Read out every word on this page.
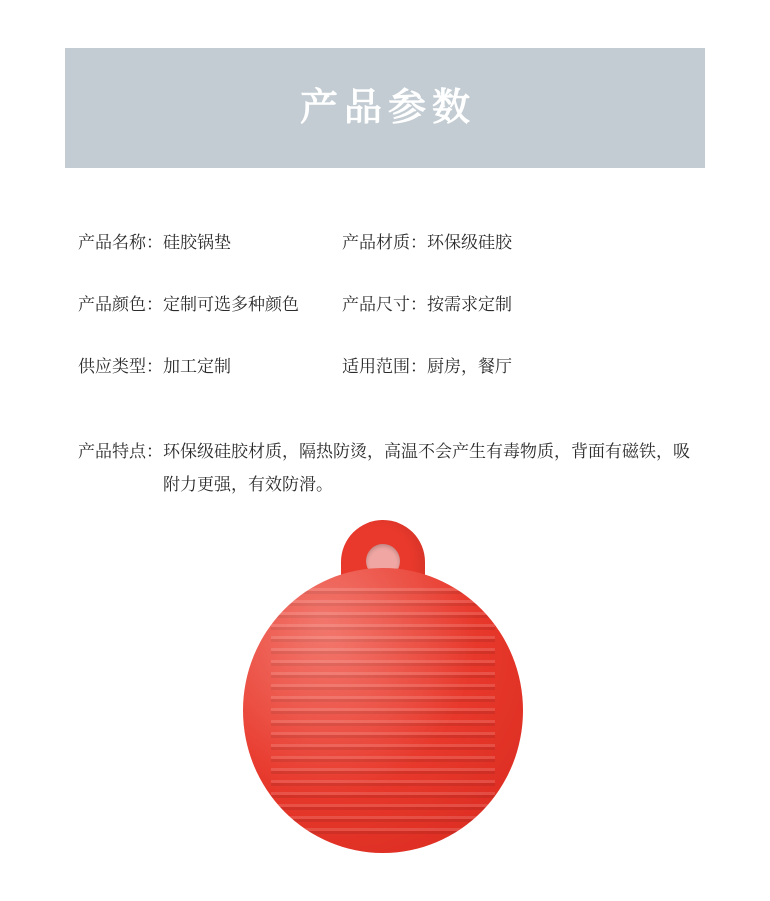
产品参数
产品名称：硅胶锅垫	产品材质：环保级硅胶
产品颜色：定制可选多种颜色	产品尺寸：按需求定制
供应类型：加工定制	适用范围：厨房，餐厅
产品特点： 环保级硅胶材质，隔热防烫，高温不会产生有毒物质，背面有磁铁，吸附力更强，有效防滑。
